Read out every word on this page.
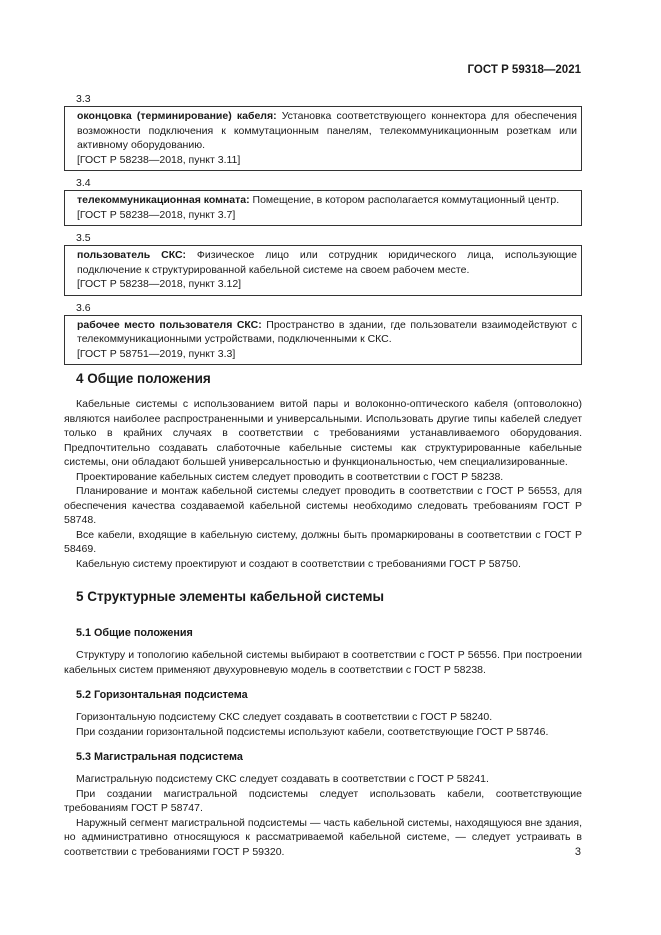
ГОСТ Р 59318—2021
3.3
оконцовка (терминирование) кабеля: Установка соответствующего коннектора для обеспечения возможности подключения к коммутационным панелям, телекоммуникационным розеткам или активному оборудованию.
[ГОСТ Р 58238—2018, пункт 3.11]
3.4
телекоммуникационная комната: Помещение, в котором располагается коммутационный центр.
[ГОСТ Р 58238—2018, пункт 3.7]
3.5
пользователь СКС: Физическое лицо или сотрудник юридического лица, использующие подключение к структурированной кабельной системе на своем рабочем месте.
[ГОСТ Р 58238—2018, пункт 3.12]
3.6
рабочее место пользователя СКС: Пространство в здании, где пользователи взаимодействуют с телекоммуникационными устройствами, подключенными к СКС.
[ГОСТ Р 58751—2019, пункт 3.3]
4 Общие положения

Кабельные системы с использованием витой пары и волоконно-оптического кабеля (оптоволокно) являются наиболее распространенными и универсальными. Использовать другие типы кабелей следует только в крайних случаях в соответствии с требованиями устанавливаемого оборудования. Предпочтительно создавать слаботочные кабельные системы как структурированные кабельные системы, они обладают большей универсальностью и функциональностью, чем специализированные.

Проектирование кабельных систем следует проводить в соответствии с ГОСТ Р 58238.

Планирование и монтаж кабельной системы следует проводить в соответствии с ГОСТ Р 56553, для обеспечения качества создаваемой кабельной системы необходимо следовать требованиям ГОСТ Р 58748.

Все кабели, входящие в кабельную систему, должны быть промаркированы в соответствии с ГОСТ Р 58469.

Кабельную систему проектируют и создают в соответствии с требованиями ГОСТ Р 58750.

5 Структурные элементы кабельной системы
5.1 Общие положения

Структуру и топологию кабельной системы выбирают в соответствии с ГОСТ Р 56556. При построении кабельных систем применяют двухуровневую модель в соответствии с ГОСТ Р 58238.

5.2 Горизонтальная подсистема

Горизонтальную подсистему СКС следует создавать в соответствии с ГОСТ Р 58240.

При создании горизонтальной подсистемы используют кабели, соответствующие ГОСТ Р 58746.

5.3 Магистральная подсистема

Магистральную подсистему СКС следует создавать в соответствии с ГОСТ Р 58241.

При создании магистральной подсистемы следует использовать кабели, соответствующие требованиям ГОСТ Р 58747.

Наружный сегмент магистральной подсистемы — часть кабельной системы, находящуюся вне здания, но административно относящуюся к рассматриваемой кабельной системе, — следует устраивать в соответствии с требованиями ГОСТ Р 59320.	3
